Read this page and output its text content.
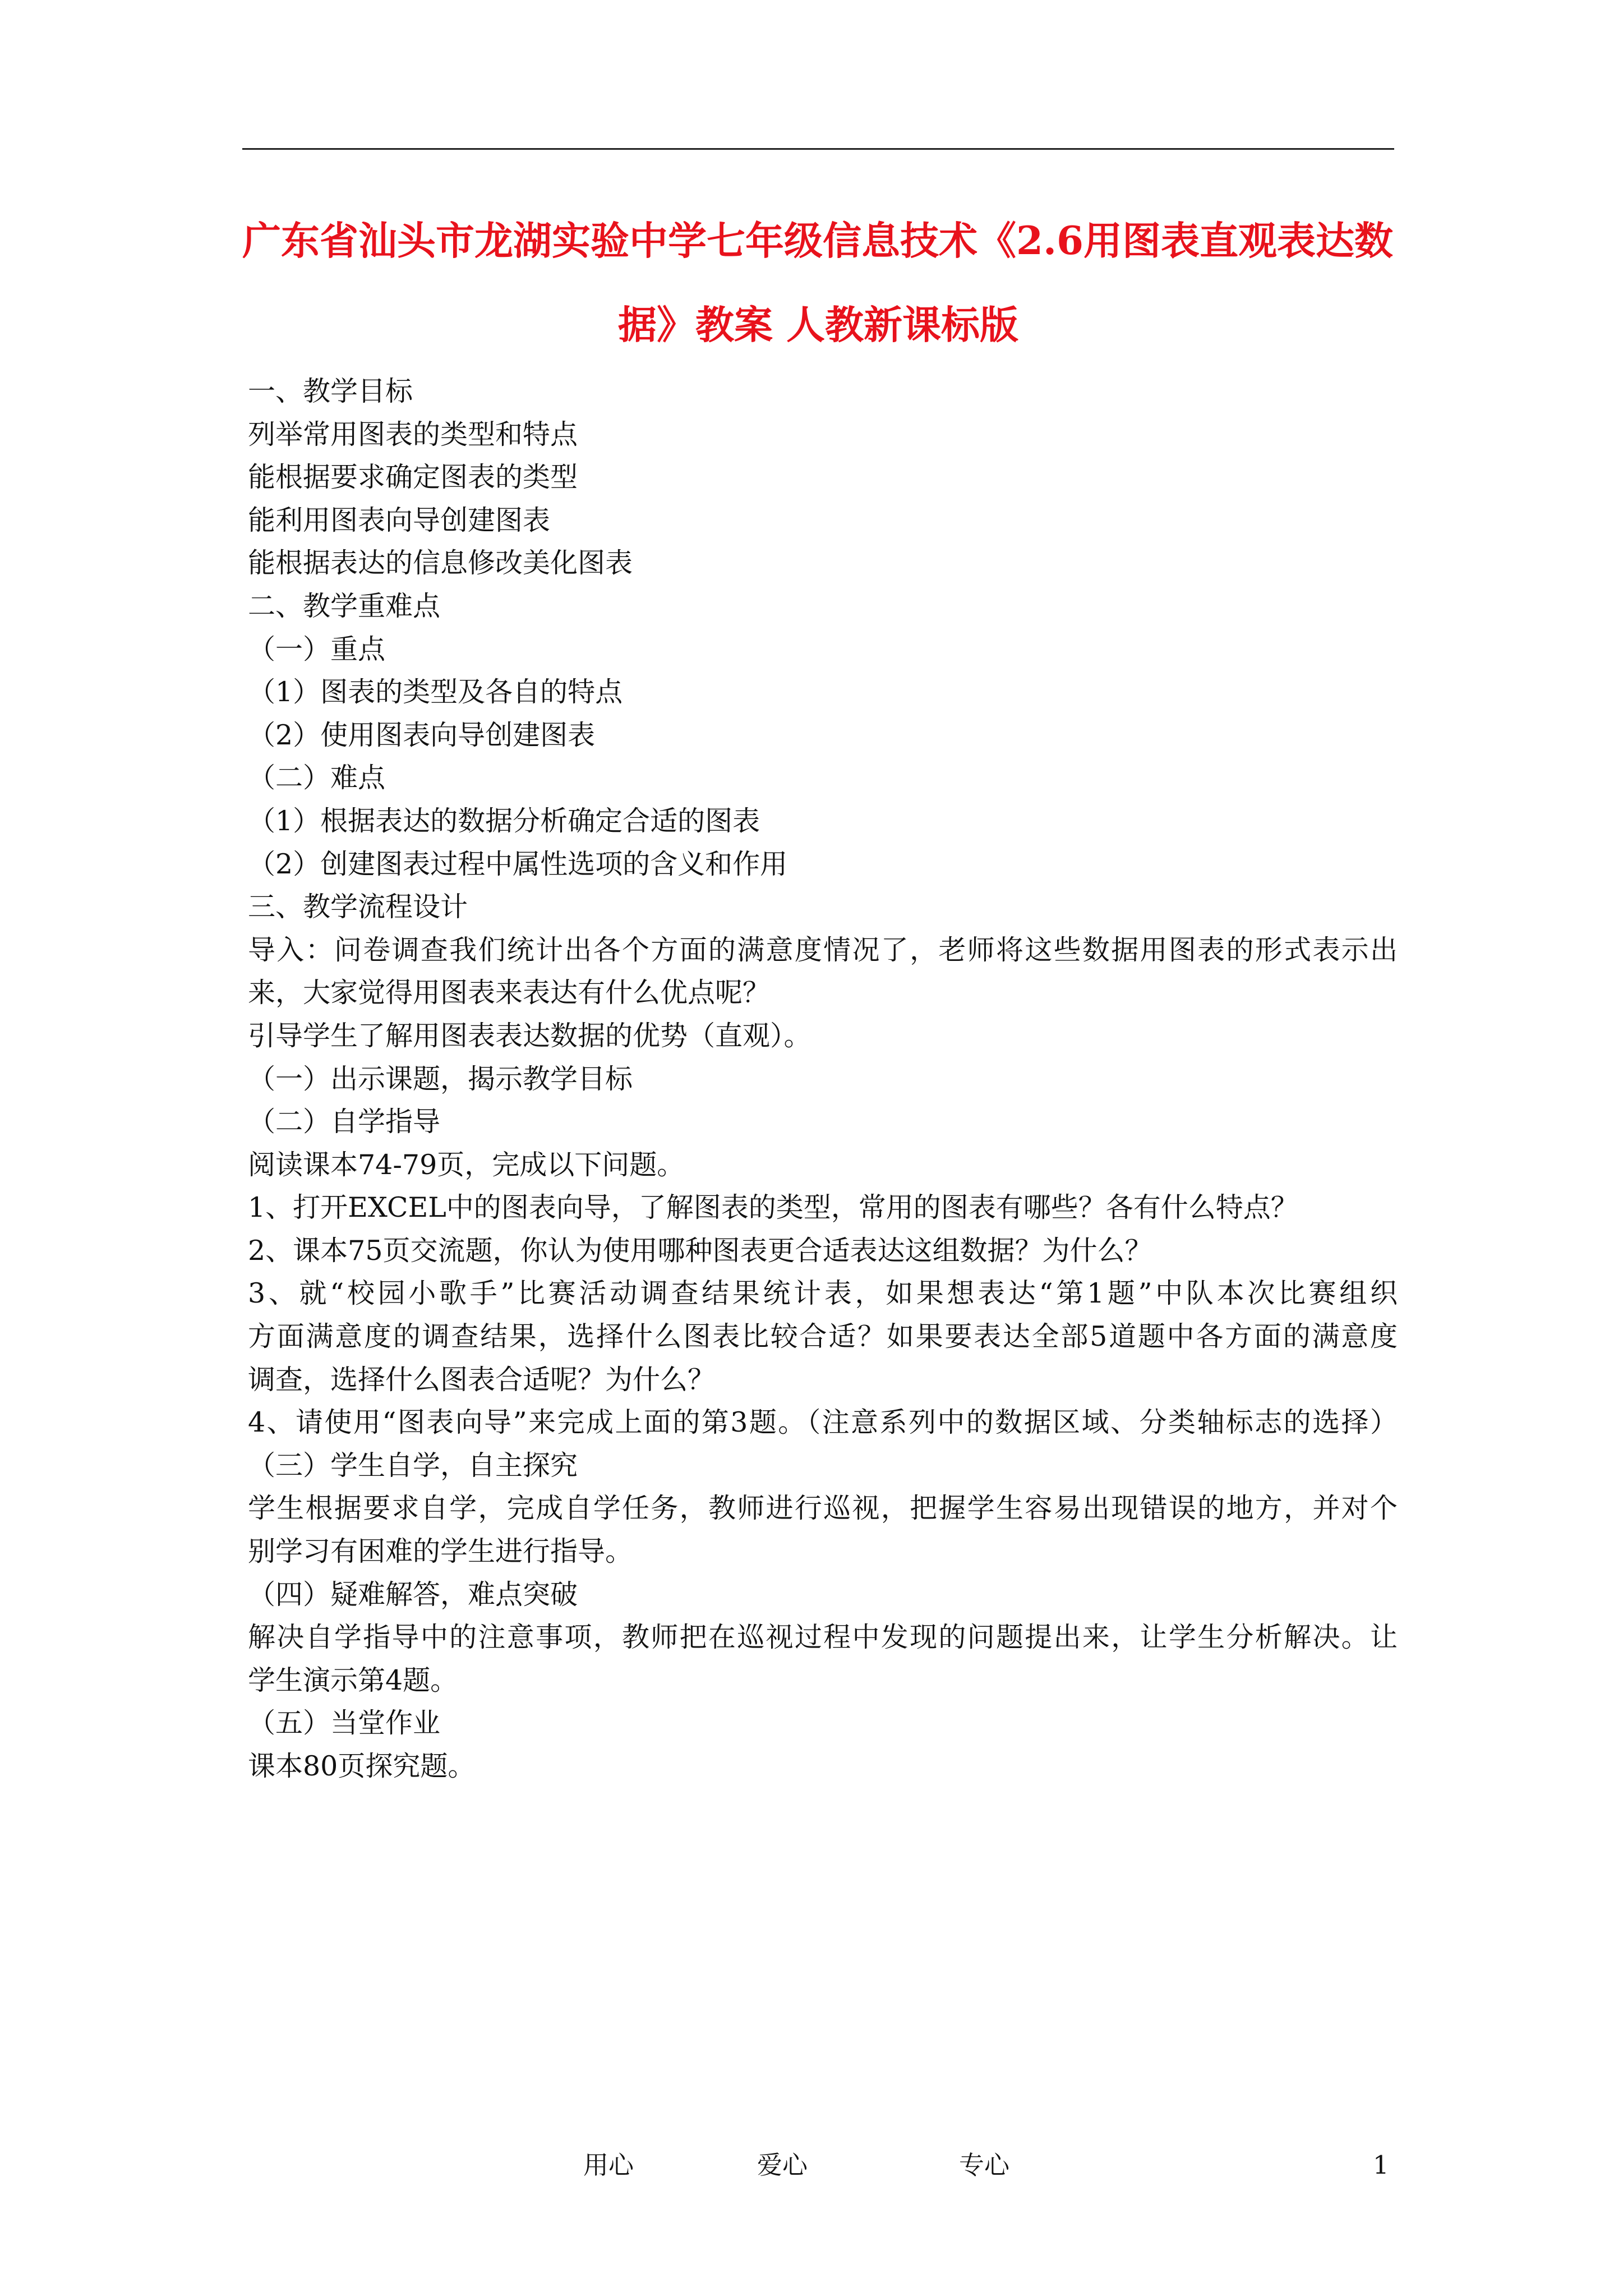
广东省汕头市龙湖实验中学七年级信息技术《2.6用图表直观表达数
据》教案 人教新课标版
一、教学目标
列举常用图表的类型和特点
能根据要求确定图表的类型
能利用图表向导创建图表
能根据表达的信息修改美化图表
二、教学重难点
（一）重点
（1）图表的类型及各自的特点
（2）使用图表向导创建图表
（二）难点
（1）根据表达的数据分析确定合适的图表
（2）创建图表过程中属性选项的含义和作用
三、教学流程设计
导入：问卷调查我们统计出各个方面的满意度情况了，老师将这些数据用图表的形式表示出
来，大家觉得用图表来表达有什么优点呢？
引导学生了解用图表表达数据的优势（直观）。
（一）出示课题，揭示教学目标
（二）自学指导
阅读课本74-79页，完成以下问题。
1、打开EXCEL中的图表向导，了解图表的类型，常用的图表有哪些？各有什么特点？
2、课本75页交流题，你认为使用哪种图表更合适表达这组数据？为什么？
3、就“校园小歌手”比赛活动调查结果统计表，如果想表达“第1题”中队本次比赛组织
方面满意度的调查结果，选择什么图表比较合适？如果要表达全部5道题中各方面的满意度
调查，选择什么图表合适呢？为什么？
4、请使用“图表向导”来完成上面的第3题。（注意系列中的数据区域、分类轴标志的选择）
（三）学生自学，自主探究
学生根据要求自学，完成自学任务，教师进行巡视，把握学生容易出现错误的地方，并对个
别学习有困难的学生进行指导。
（四）疑难解答，难点突破
解决自学指导中的注意事项，教师把在巡视过程中发现的问题提出来，让学生分析解决。让
学生演示第4题。
（五）当堂作业
课本80页探究题。
用心	爱心	专心	1
